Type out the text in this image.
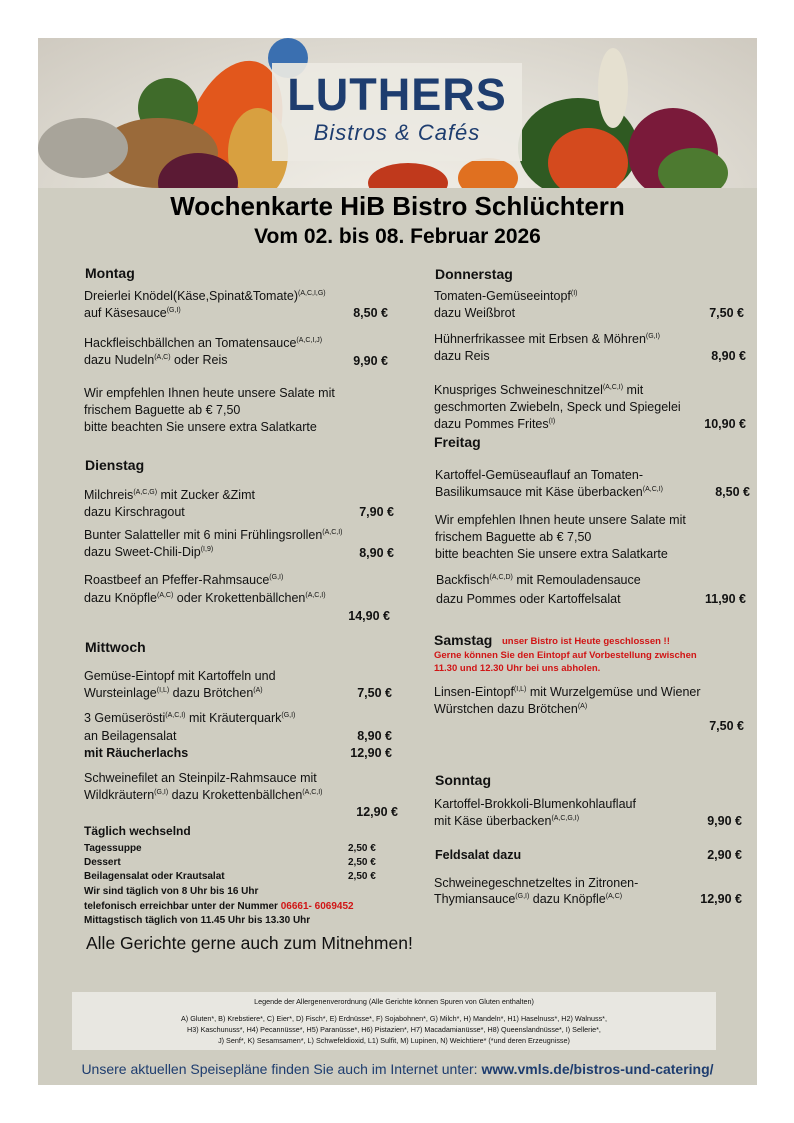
LUTHERS
Bistros & Cafés
Wochenkarte HiB Bistro Schlüchtern
Vom 02. bis 08. Februar 2026
Montag
Dreierlei Knödel(Käse,Spinat&Tomate)$^{(A,C,I,G)}$
auf Käsesauce$^{(G,I)}$	8,50 €
Hackfleischbällchen an Tomatensauce$^{(A,C,I,J)}$
dazu Nudeln$^{(A,C)}$ oder Reis	9,90 €
Wir empfehlen Ihnen heute unsere Salate mit
frischem Baguette ab € 7,50
bitte beachten Sie unsere extra Salatkarte
Dienstag
Milchreis$^{(A,C,G)}$ mit Zucker &Zimt
dazu Kirschragout	7,90 €
Bunter Salatteller mit 6 mini Frühlingsrollen$^{(A,C,I)}$
dazu Sweet-Chili-Dip$^{(I,9)}$	8,90 €
Roastbeef an Pfeffer-Rahmsauce$^{(G,I)}$
dazu Knöpfle$^{(A,C)}$ oder Krokettenbällchen$^{(A,C,I)}$
14,90 €
Mittwoch
Gemüse-Eintopf mit Kartoffeln und
Wursteinlage$^{(I,L)}$ dazu Brötchen$^{(A)}$	7,50 €
3 Gemüserösti$^{(A,C,I)}$ mit Kräuterquark$^{(G,I)}$
an Beilagensalat	8,90 €
mit Räucherlachs	12,90 €
Schweinefilet an Steinpilz-Rahmsauce mit
Wildkräutern$^{(G,I)}$ dazu Krokettenbällchen$^{(A,C,I)}$
12,90 €
Täglich wechselnd
Tagessuppe	2,50 €
Dessert	2,50 €
Beilagensalat oder Krautsalat	2,50 €
Wir sind täglich von 8 Uhr bis 16 Uhr
telefonisch erreichbar unter der Nummer 06661- 6069452
Mittagstisch täglich von 11.45 Uhr bis 13.30 Uhr
Alle Gerichte gerne auch zum Mitnehmen!
Donnerstag
Tomaten-Gemüseeintopf$^{(I)}$
dazu Weißbrot	7,50 €
Hühnerfrikassee mit Erbsen & Möhren$^{(G,I)}$
dazu Reis	8,90 €
Knuspriges Schweineschnitzel$^{(A,C,I)}$ mit
geschmorten Zwiebeln, Speck und Spiegelei
dazu Pommes Frites$^{(I)}$	10,90 €
Freitag
Kartoffel-Gemüseauflauf an Tomaten-
Basilikumsauce mit Käse überbacken$^{(A,C,I)}$	8,50 €
Wir empfehlen Ihnen heute unsere Salate mit
frischem Baguette ab € 7,50
bitte beachten Sie unsere extra Salatkarte
Backfisch$^{(A,C,D)}$ mit Remouladensauce
dazu Pommes oder Kartoffelsalat	11,90 €
Samstag unser Bistro ist Heute geschlossen !!
Gerne können Sie den Eintopf auf Vorbestellung zwischen
11.30 und 12.30 Uhr bei uns abholen.
Linsen-Eintopf$^{(I,L)}$ mit Wurzelgemüse und Wiener
Würstchen dazu Brötchen$^{(A)}$
7,50 €
Sonntag
Kartoffel-Brokkoli-Blumenkohlauflauf
mit Käse überbacken$^{(A,C,G,I)}$	9,90 €
Feldsalat dazu	2,90 €
Schweinegeschnetzeltes in Zitronen-
Thymiansauce$^{(G,I)}$ dazu Knöpfle$^{(A,C)}$	12,90 €
Legende der Allergenenverordnung (Alle Gerichte können Spuren von Gluten enthalten)
A) Gluten*, B) Krebstiere*, C) Eier*, D) Fisch*, E) Erdnüsse*, F) Sojabohnen*, G) Milch*, H) Mandeln*, H1) Haselnuss*, H2) Walnuss*,
H3) Kaschunuss*, H4) Pecannüsse*, H5) Paranüsse*, H6) Pistazien*, H7) Macadamianüsse*, H8) Queenslandnüsse*, I) Sellerie*,
J) Senf*, K) Sesamsamen*, L) Schwefeldioxid, L1) Sulfit, M) Lupinen, N) Weichtiere* (*und deren Erzeugnisse)
Unsere aktuellen Speisepläne finden Sie auch im Internet unter: www.vmls.de/bistros-und-catering/
